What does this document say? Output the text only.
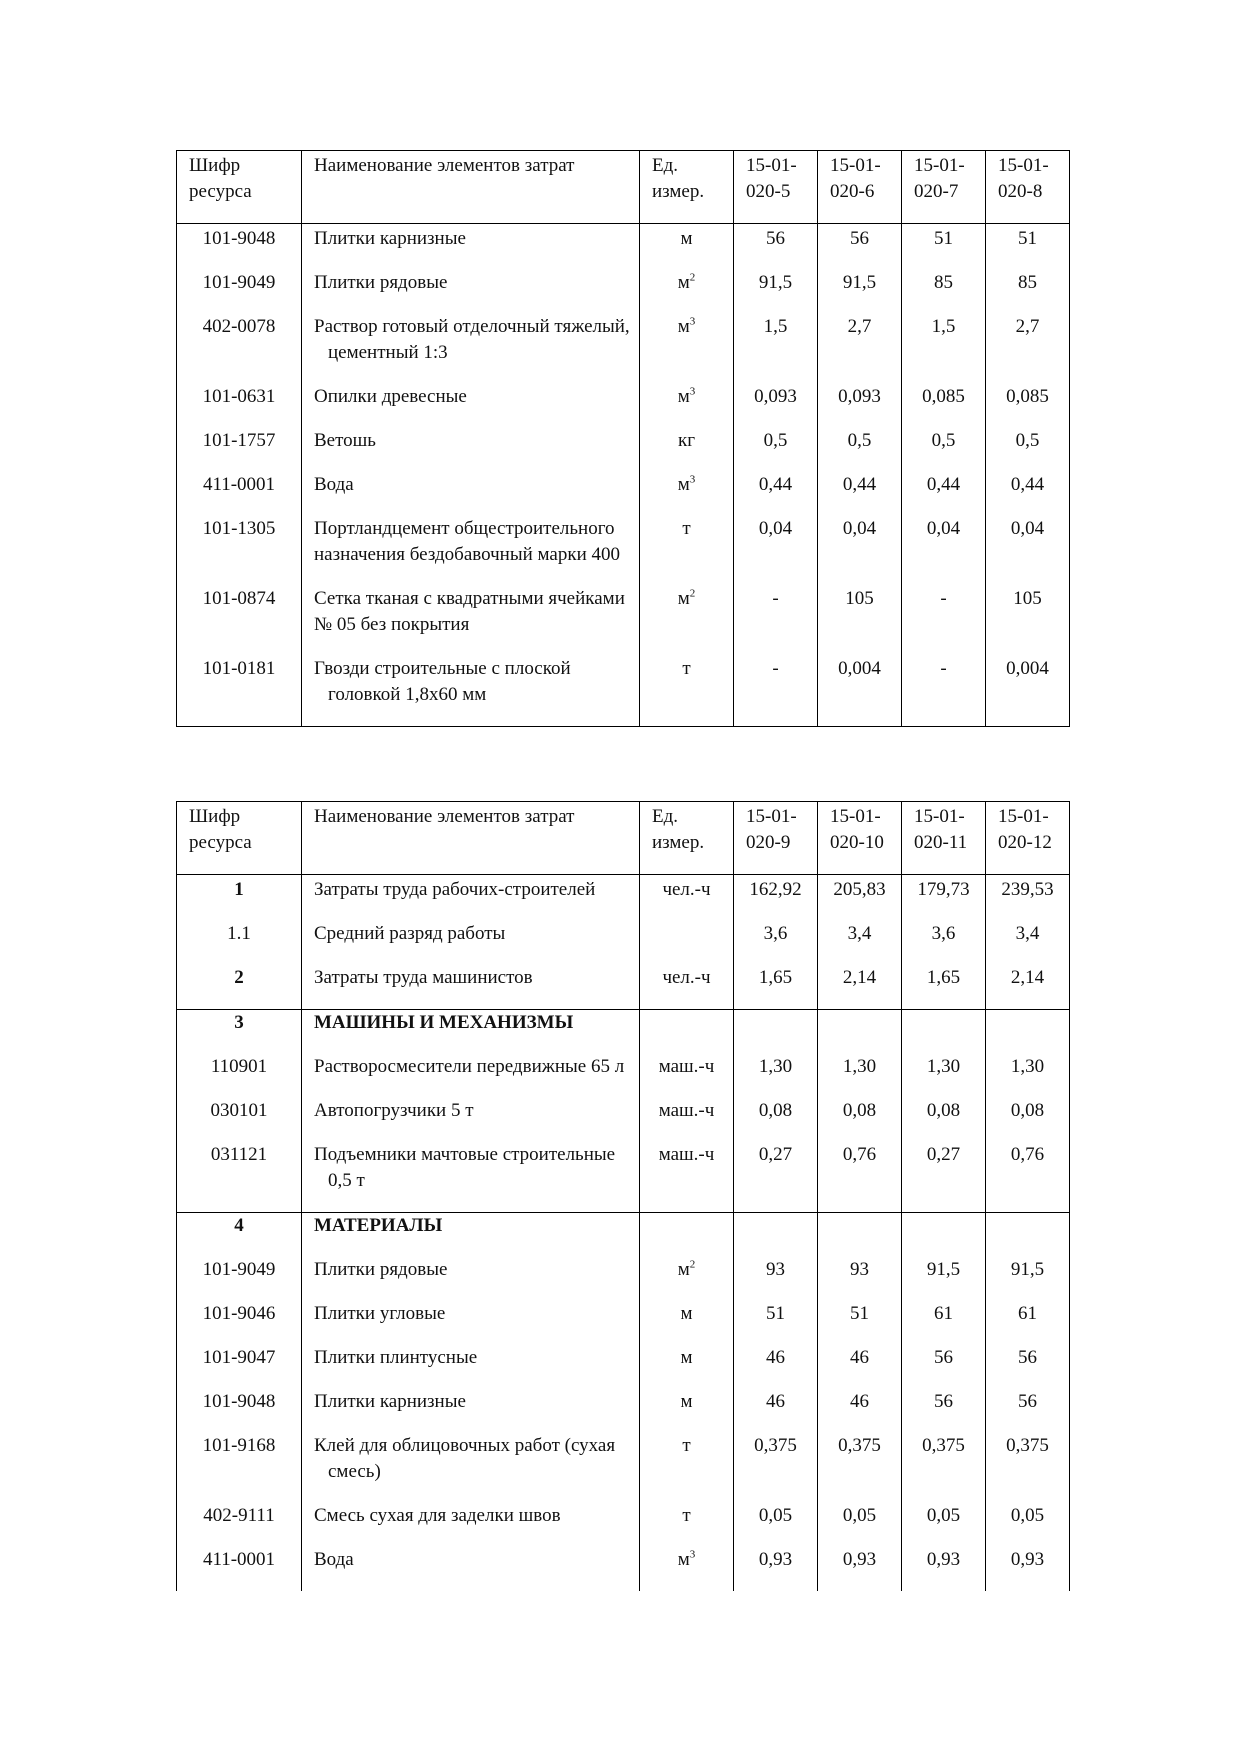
Шифр ресурса	Наименование элементов затрат	Ед. измер.	15-01-020-5	15-01-020-6	15-01-020-7	15-01-020-8
101-9048	Плитки карнизные	м	56	56	51	51
101-9049	Плитки рядовые	$м^2$	91,5	91,5	85	85
402-0078	Раствор готовый отделочный тяжелый, цементный 1:3	$м^3$	1,5	2,7	1,5	2,7
101-0631	Опилки древесные	$м^3$	0,093	0,093	0,085	0,085
101-1757	Ветошь	кг	0,5	0,5	0,5	0,5
411-0001	Вода	$м^3$	0,44	0,44	0,44	0,44
101-1305	Портландцемент общестроительного назначения бездобавочный марки 400	т	0,04	0,04	0,04	0,04
101-0874	Сетка тканая с квадратными ячейками № 05 без покрытия	$м^2$	-	105	-	105
101-0181	Гвозди строительные с плоской головкой 1,8х60 мм	т	-	0,004	-	0,004
Шифр ресурса	Наименование элементов затрат	Ед. измер.	15-01-020-9	15-01-020-10	15-01-020-11	15-01-020-12
1	Затраты труда рабочих-строителей	чел.-ч	162,92	205,83	179,73	239,53
1.1	Средний разряд работы		3,6	3,4	3,6	3,4
2	Затраты труда машинистов	чел.-ч	1,65	2,14	1,65	2,14
3	МАШИНЫ И МЕХАНИЗМЫ					
110901	Растворосмесители передвижные 65 л	маш.-ч	1,30	1,30	1,30	1,30
030101	Автопогрузчики 5 т	маш.-ч	0,08	0,08	0,08	0,08
031121	Подъемники мачтовые строительные 0,5 т	маш.-ч	0,27	0,76	0,27	0,76
4	МАТЕРИАЛЫ					
101-9049	Плитки рядовые	$м^2$	93	93	91,5	91,5
101-9046	Плитки угловые	м	51	51	61	61
101-9047	Плитки плинтусные	м	46	46	56	56
101-9048	Плитки карнизные	м	46	46	56	56
101-9168	Клей для облицовочных работ (сухая смесь)	т	0,375	0,375	0,375	0,375
402-9111	Смесь сухая для заделки швов	т	0,05	0,05	0,05	0,05
411-0001	Вода	$м^3$	0,93	0,93	0,93	0,93
